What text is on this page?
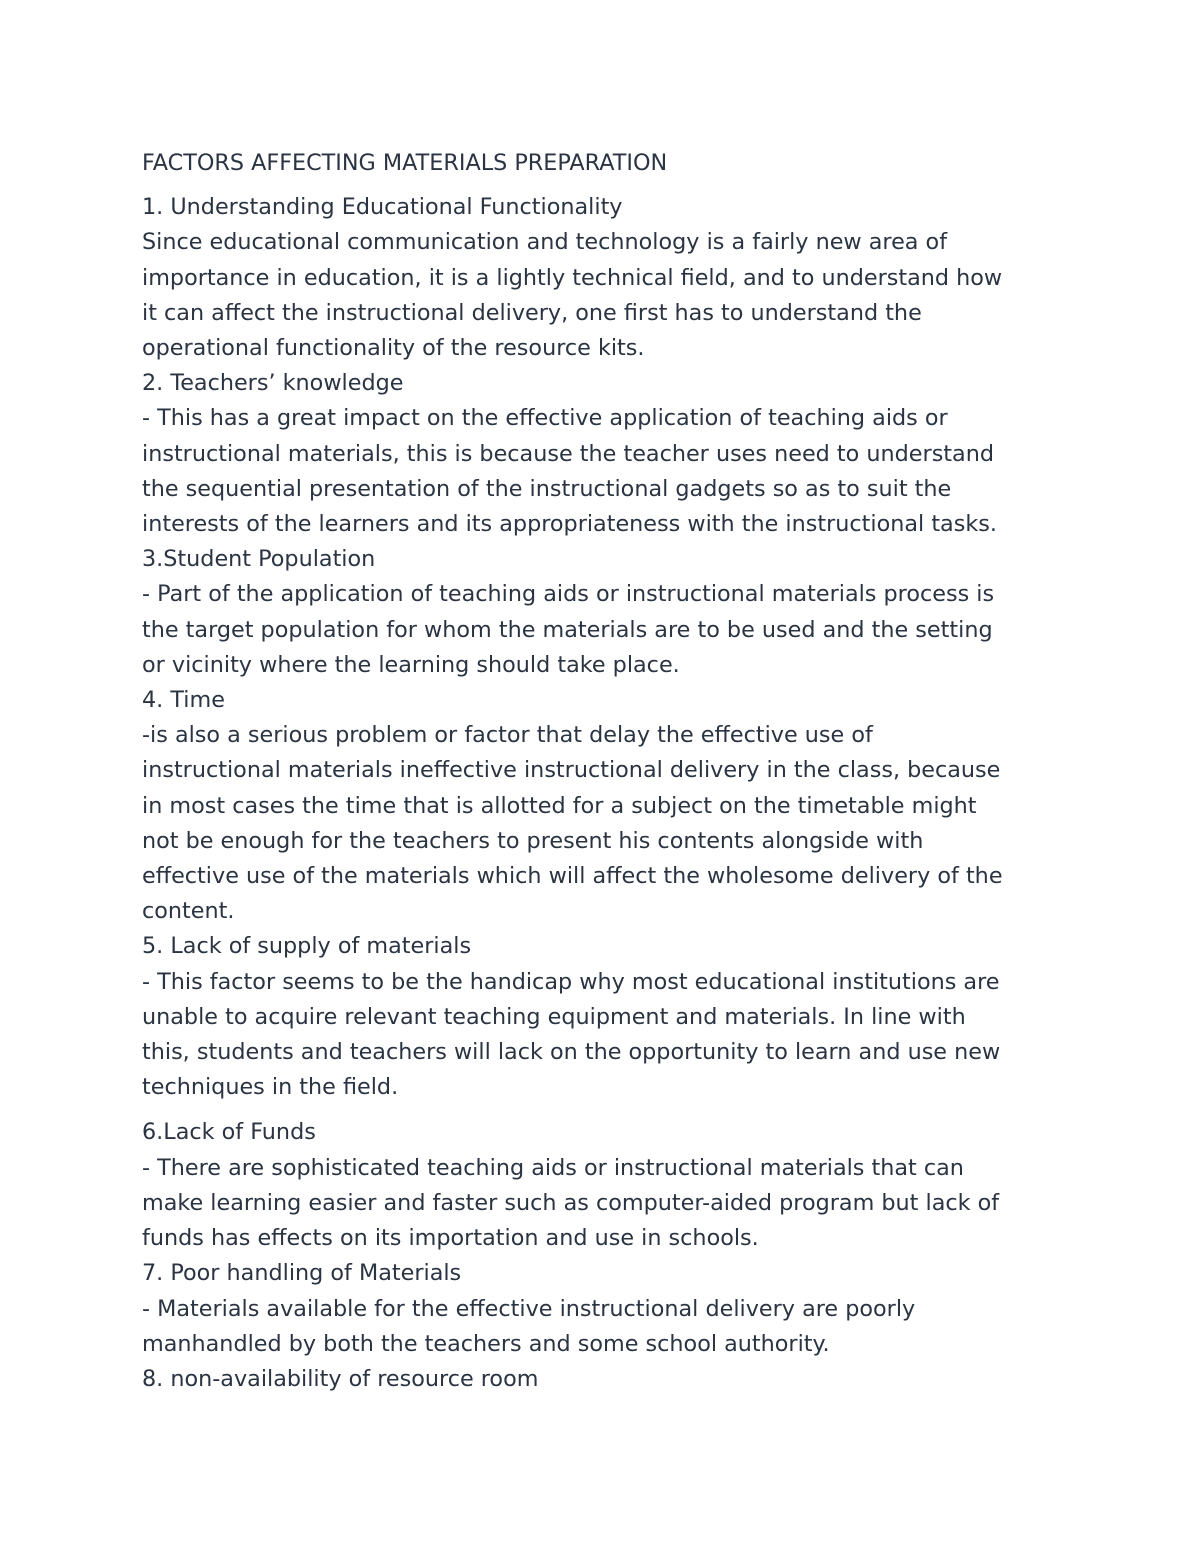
FACTORS AFFECTING MATERIALS PREPARATION
1. Understanding Educational Functionality
Since educational communication and technology is a fairly new area of
importance in education, it is a lightly technical field, and to understand how
it can affect the instructional delivery, one first has to understand the
operational functionality of the resource kits.
2. Teachers’ knowledge
- This has a great impact on the effective application of teaching aids or
instructional materials, this is because the teacher uses need to understand
the sequential presentation of the instructional gadgets so as to suit the
interests of the learners and its appropriateness with the instructional tasks.
3.Student Population
- Part of the application of teaching aids or instructional materials process is
the target population for whom the materials are to be used and the setting
or vicinity where the learning should take place.
4. Time
-is also a serious problem or factor that delay the effective use of
instructional materials ineffective instructional delivery in the class, because
in most cases the time that is allotted for a subject on the timetable might
not be enough for the teachers to present his contents alongside with
effective use of the materials which will affect the wholesome delivery of the
content.
5. Lack of supply of materials
- This factor seems to be the handicap why most educational institutions are
unable to acquire relevant teaching equipment and materials. In line with
this, students and teachers will lack on the opportunity to learn and use new
techniques in the field.
6.Lack of Funds
- There are sophisticated teaching aids or instructional materials that can
make learning easier and faster such as computer-aided program but lack of
funds has effects on its importation and use in schools.
7. Poor handling of Materials
- Materials available for the effective instructional delivery are poorly
manhandled by both the teachers and some school authority.
8. non-availability of resource room
